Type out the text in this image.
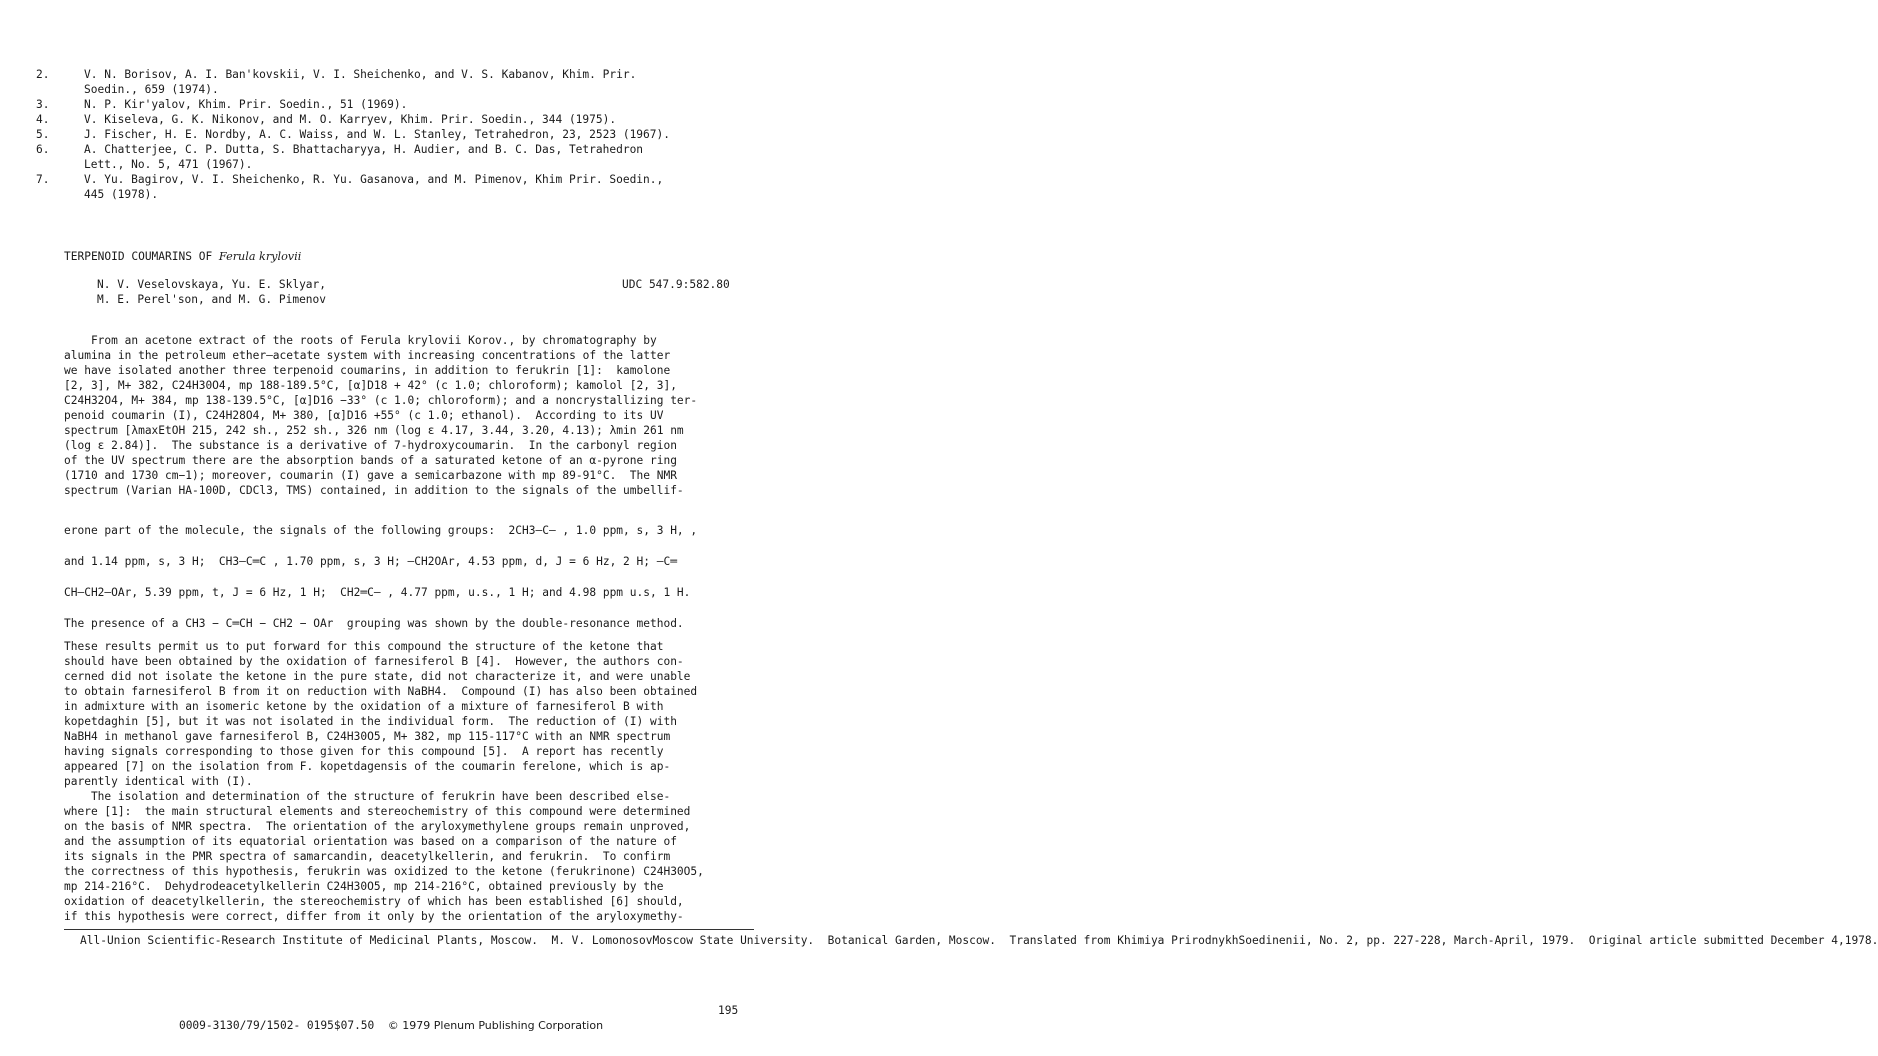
2.	V. N. Borisov, A. I. Ban'kovskii, V. I. Sheichenko, and V. S. Kabanov, Khim. Prir.
Soedin., 659 (1974).
3.	N. P. Kir'yalov, Khim. Prir. Soedin., 51 (1969).
4.	V. Kiseleva, G. K. Nikonov, and M. O. Karryev, Khim. Prir. Soedin., 344 (1975).
5.	J. Fischer, H. E. Nordby, A. C. Waiss, and W. L. Stanley, Tetrahedron, 23, 2523 (1967).
6.	A. Chatterjee, C. P. Dutta, S. Bhattacharyya, H. Audier, and B. C. Das, Tetrahedron
Lett., No. 5, 471 (1967).
7.	V. Yu. Bagirov, V. I. Sheichenko, R. Yu. Gasanova, and M. Pimenov, Khim Prir. Soedin.,
445 (1978).
TERPENOID COUMARINS OF Ferula krylovii
N. V. Veselovskaya, Yu. E. Sklyar,
M. E. Perel'son, and M. G. Pimenov
UDC 547.9:582.80
From an acetone extract of the roots of Ferula krylovii Korov., by chromatography by
alumina in the petroleum ether—acetate system with increasing concentrations of the latter
we have isolated another three terpenoid coumarins, in addition to ferukrin [1]:  kamolone
[2, 3], M+ 382, C24H30O4, mp 188-189.5°C, [α]D18 + 42° (c 1.0; chloroform); kamolol [2, 3],
C24H32O4, M+ 384, mp 138-139.5°C, [α]D16 −33° (c 1.0; chloroform); and a noncrystallizing ter-
penoid coumarin (I), C24H28O4, M+ 380, [α]D16 +55° (c 1.0; ethanol).  According to its UV
spectrum [λmaxEtOH 215, 242 sh., 252 sh., 326 nm (log ε 4.17, 3.44, 3.20, 4.13); λmin 261 nm
(log ε 2.84)].  The substance is a derivative of 7-hydroxycoumarin.  In the carbonyl region
of the UV spectrum there are the absorption bands of a saturated ketone of an α-pyrone ring
(1710 and 1730 cm−1); moreover, coumarin (I) gave a semicarbazone with mp 89-91°C.  The NMR
spectrum (Varian HA-100D, CDCl3, TMS) contained, in addition to the signals of the umbellif-
erone part of the molecule, the signals of the following groups:  2CH3—C— , 1.0 ppm, s, 3 H, ,
and 1.14 ppm, s, 3 H;  CH3—C═C , 1.70 ppm, s, 3 H; —CH2OAr, 4.53 ppm, d, J = 6 Hz, 2 H; —C═
CH—CH2—OAr, 5.39 ppm, t, J = 6 Hz, 1 H;  CH2═C— , 4.77 ppm, u.s., 1 H; and 4.98 ppm u.s, 1 H.
The presence of a CH3 − C═CH − CH2 − OAr  grouping was shown by the double-resonance method.
These results permit us to put forward for this compound the structure of the ketone that
should have been obtained by the oxidation of farnesiferol B [4].  However, the authors con-
cerned did not isolate the ketone in the pure state, did not characterize it, and were unable
to obtain farnesiferol B from it on reduction with NaBH4.  Compound (I) has also been obtained
in admixture with an isomeric ketone by the oxidation of a mixture of farnesiferol B with
kopetdaghin [5], but it was not isolated in the individual form.  The reduction of (I) with
NaBH4 in methanol gave farnesiferol B, C24H30O5, M+ 382, mp 115-117°C with an NMR spectrum
having signals corresponding to those given for this compound [5].  A report has recently
appeared [7] on the isolation from F. kopetdagensis of the coumarin ferelone, which is ap-
parently identical with (I).
The isolation and determination of the structure of ferukrin have been described else-
where [1]:  the main structural elements and stereochemistry of this compound were determined
on the basis of NMR spectra.  The orientation of the aryloxymethylene groups remain unproved,
and the assumption of its equatorial orientation was based on a comparison of the nature of
its signals in the PMR spectra of samarcandin, deacetylkellerin, and ferukrin.  To confirm
the correctness of this hypothesis, ferukrin was oxidized to the ketone (ferukrinone) C24H30O5,
mp 214-216°C.  Dehydrodeacetylkellerin C24H30O5, mp 214-216°C, obtained previously by the
oxidation of deacetylkellerin, the stereochemistry of which has been established [6] should,
if this hypothesis were correct, differ from it only by the orientation of the aryloxymethy-
All-Union Scientific-Research Institute of Medicinal Plants, Moscow.  M. V. LomonosovMoscow State University.  Botanical Garden, Moscow.  Translated from Khimiya PrirodnykhSoedinenii, No. 2, pp. 227-228, March-April, 1979.  Original article submitted December 4,1978.

0009-3130/79/1502- 0195$07.50 © 1979 Plenum Publishing Corporation

195
